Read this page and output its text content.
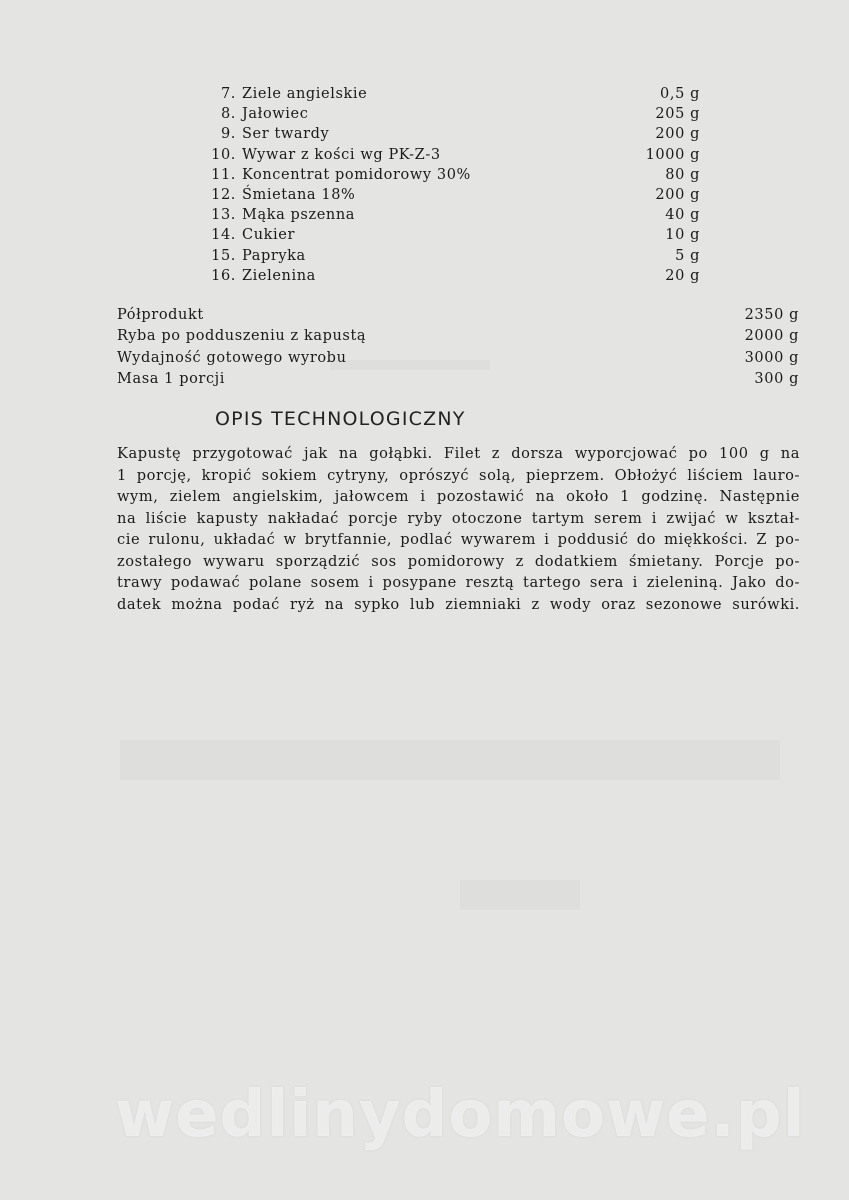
7. Ziele angielskie	0,5 g
8. Jałowiec	205 g
9. Ser twardy	200 g
10. Wywar z kości wg PK-Z-3	1000 g
11. Koncentrat pomidorowy 30%	80 g
12. Śmietana 18%	200 g
13. Mąka pszenna	40 g
14. Cukier	10 g
15. Papryka	5 g
16. Zielenina	20 g
Półprodukt	2350 g
Ryba po podduszeniu z kapustą	2000 g
Wydajność gotowego wyrobu	3000 g
Masa 1 porcji	300 g
OPIS TECHNOLOGICZNY
Kapustę przygotować jak na gołąbki. Filet z dorsza wyporcjować po 100 g na
1 porcję, kropić sokiem cytryny, oprószyć solą, pieprzem. Obłożyć liściem lauro-
wym, zielem angielskim, jałowcem i pozostawić na około 1 godzinę. Następnie
na liście kapusty nakładać porcje ryby otoczone tartym serem i zwijać w kształ-
cie rulonu, układać w brytfannie, podlać wywarem i poddusić do miękkości. Z po-
zostałego wywaru sporządzić sos pomidorowy z dodatkiem śmietany. Porcje po-
trawy podawać polane sosem i posypane resztą tartego sera i zieleniną. Jako do-
datek można podać ryż na sypko lub ziemniaki z wody oraz sezonowe surówki.
wedlinydomowe.pl
